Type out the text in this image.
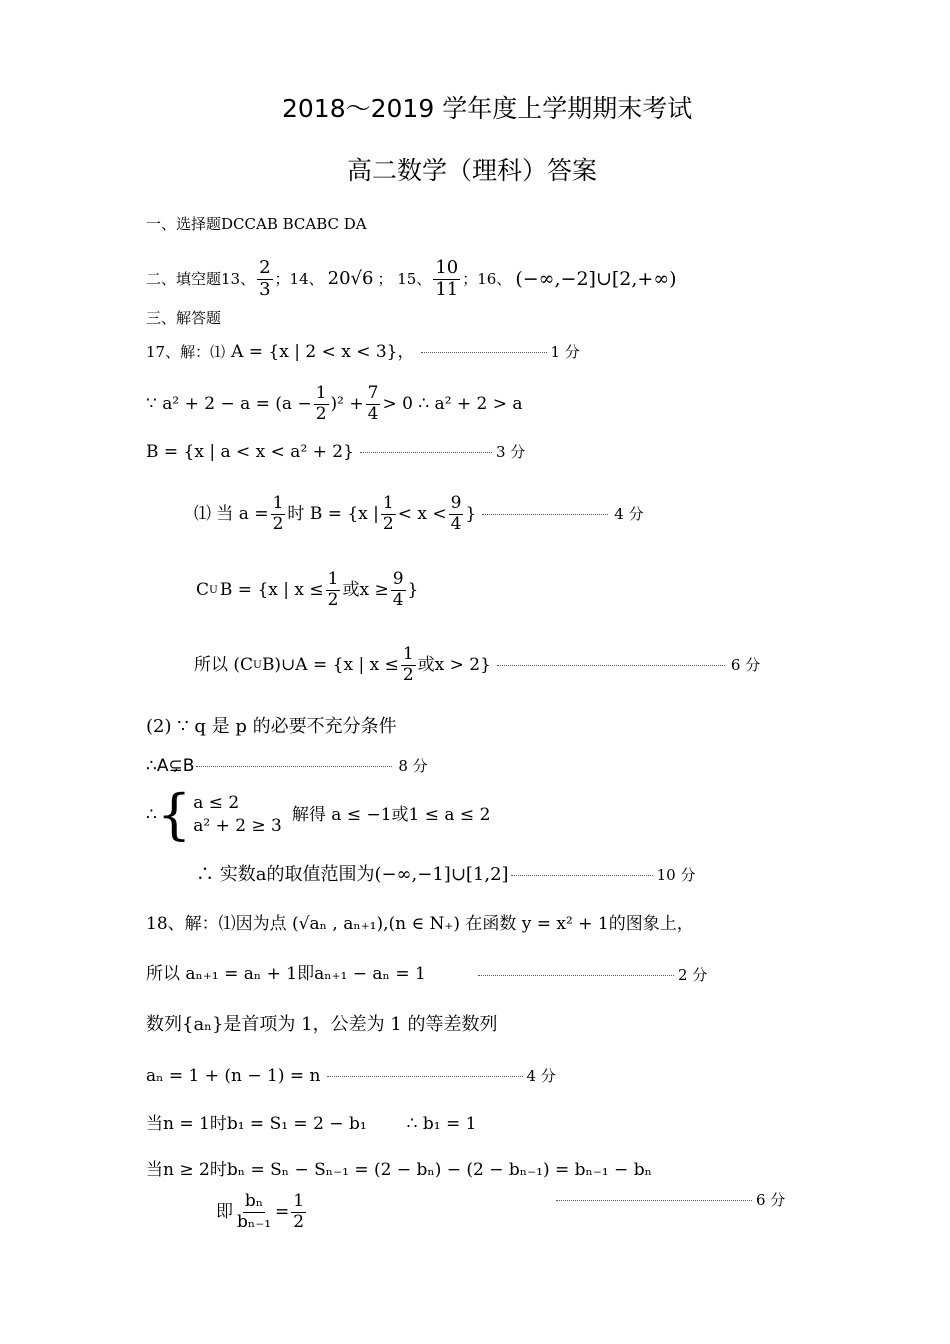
2018～2019 学年度上学期期末考试
高二数学（理科）答案
一、选择题DCCAB BCABC DA
二、填空题13、 $\frac{2}{3}$ ；14、 20√6 ； 15、 $\frac{10}{11}$ ；16、 (−∞,−2]∪[2,+∞)
三、解答题
17、解：⑴ A = {x | 2 < x < 3}，	1 分
∵ $a^2 + 2 - a = (a - \frac{1}{2} )^2 + \frac{7}{4} > 0$ ∴ a² + 2 > a
B = {x | a < x < a² + 2}	3 分
⑴ 当 $a = \frac{1}{2}$ 时 B = {x | $\frac{1}{2} < x < \frac{9}{4}$ }	4 分
C U B = {x | $x \le \frac{1}{2}$ 或$x \ge \frac{9}{4}$ }
所以 (C U B)∪A = {x | $x \le \frac{1}{2}$ 或x > 2}	6 分
(2) ∵ q 是 p 的必要不充分条件
∴A⊊B	8 分
∴ { a ≤ 2
a² + 2 ≥ 3
解得 a ≤ −1或1 ≤ a ≤ 2
∴ 实数a的取值范围为(−∞,−1]∪[1,2]	10 分
18、解：⑴因为点 (√aₙ , aₙ₊₁),(n ∈ N₊) 在函数 y = x² + 1的图象上，
所以 aₙ₊₁ = aₙ + 1即aₙ₊₁ − aₙ = 1	2 分
数列{aₙ}是首项为 1，公差为 1 的等差数列
aₙ = 1 + (n − 1) = n	4 分
当n = 1时b₁ = S₁ = 2 − b₁ ∴ b₁ = 1
当n ≥ 2时bₙ = Sₙ − Sₙ₋₁ = (2 − bₙ) − (2 − bₙ₋₁) = bₙ₋₁ − bₙ
即 $\frac{\text{bₙ}}{\text{bₙ₋₁}} = \frac{1}{2}$	6 分
